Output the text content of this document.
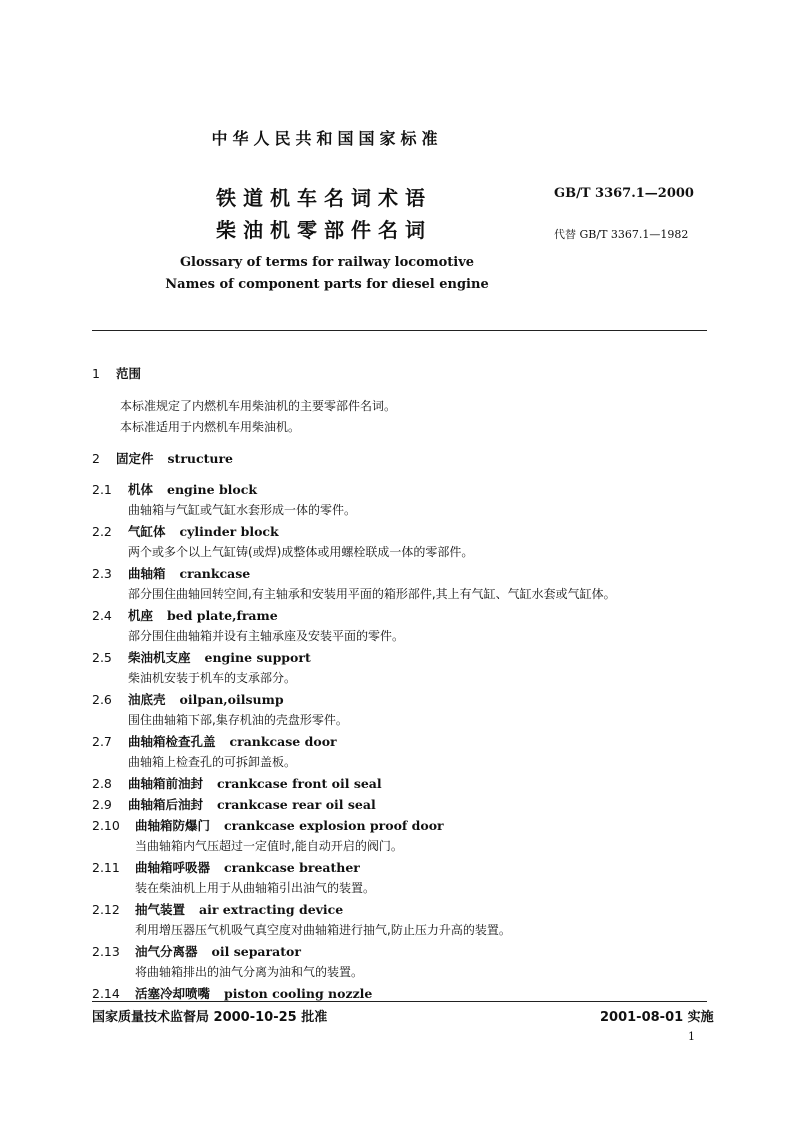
中华人民共和国国家标准
铁道机车名词术语
柴油机零部件名词
GB/T 3367.1—2000
代替 GB/T 3367.1—1982
Glossary of terms for railway locomotive
Names of component parts for diesel engine
1 范围
本标准规定了内燃机车用柴油机的主要零部件名词。
本标准适用于内燃机车用柴油机。
2 固定件 structure
2.1 机体 engine block
曲轴箱与气缸或气缸水套形成一体的零件。
2.2 气缸体 cylinder block
两个或多个以上气缸铸(或焊)成整体或用螺栓联成一体的零部件。
2.3 曲轴箱 crankcase
部分围住曲轴回转空间,有主轴承和安装用平面的箱形部件,其上有气缸、气缸水套或气缸体。
2.4 机座 bed plate,frame
部分围住曲轴箱并设有主轴承座及安装平面的零件。
2.5 柴油机支座 engine support
柴油机安装于机车的支承部分。
2.6 油底壳 oilpan,oilsump
围住曲轴箱下部,集存机油的壳盘形零件。
2.7 曲轴箱检查孔盖 crankcase door
曲轴箱上检查孔的可拆卸盖板。
2.8 曲轴箱前油封 crankcase front oil seal
2.9 曲轴箱后油封 crankcase rear oil seal
2.10 曲轴箱防爆门 crankcase explosion proof door
当曲轴箱内气压超过一定值时,能自动开启的阀门。
2.11 曲轴箱呼吸器 crankcase breather
装在柴油机上用于从曲轴箱引出油气的装置。
2.12 抽气装置 air extracting device
利用增压器压气机吸气真空度对曲轴箱进行抽气,防止压力升高的装置。
2.13 油气分离器 oil separator
将曲轴箱排出的油气分离为油和气的装置。
2.14 活塞冷却喷嘴 piston cooling nozzle
国家质量技术监督局 2000-10-25 批准	2001-08-01 实施
1
